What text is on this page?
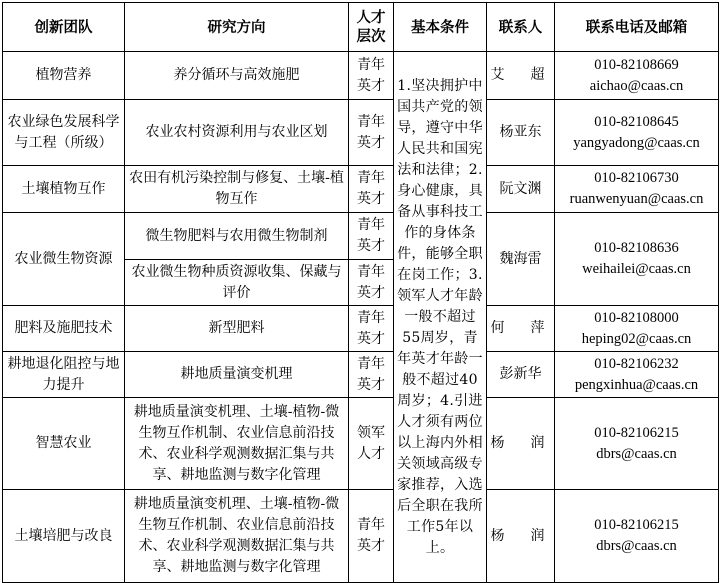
创新团队	研究方向	人才层次	基本条件	联系人	联系电话及邮箱
植物营养	养分循环与高效施肥	青年英才	1.坚决拥护中国共产党的领导，遵守中华人民共和国宪法和法律；2.身心健康，具备从事科技工作的身体条件，能够全职在岗工作；3.领军人才年龄一般不超过55周岁，青年英才年龄一般不超过40周岁；4.引进人才须有两位以上海内外相关领域高级专家推荐，入选后全职在我所工作5年以上。	艾　超	010-82108669
aichao@caas.cn

农业绿色发展科学与工程（所级）	农业农村资源利用与农业区划	青年英才		杨亚东	010-82108645
yangyadong@caas.cn

土壤植物互作	农田有机污染控制与修复、土壤-植物互作	青年英才		阮文渊	010-82106730
ruanwenyuan@caas.cn

农业微生物资源	微生物肥料与农用微生物制剂	青年英才		魏海雷	010-82108636
weihailei@caas.cn

	农业微生物种质资源收集、保藏与评价	青年英才			
肥料及施肥技术	新型肥料	青年英才		何　萍	010-82108000
heping02@caas.cn

耕地退化阻控与地力提升	耕地质量演变机理	青年英才		彭新华	010-82106232
pengxinhua@caas.cn

智慧农业	耕地质量演变机理、土壤-植物-微生物互作机制、农业信息前沿技术、农业科学观测数据汇集与共享、耕地监测与数字化管理	领军人才		杨　润	010-82106215
dbrs@caas.cn

土壤培肥与改良	耕地质量演变机理、土壤-植物-微生物互作机制、农业信息前沿技术、农业科学观测数据汇集与共享、耕地监测与数字化管理	青年英才		杨　润	010-82106215
dbrs@caas.cn
